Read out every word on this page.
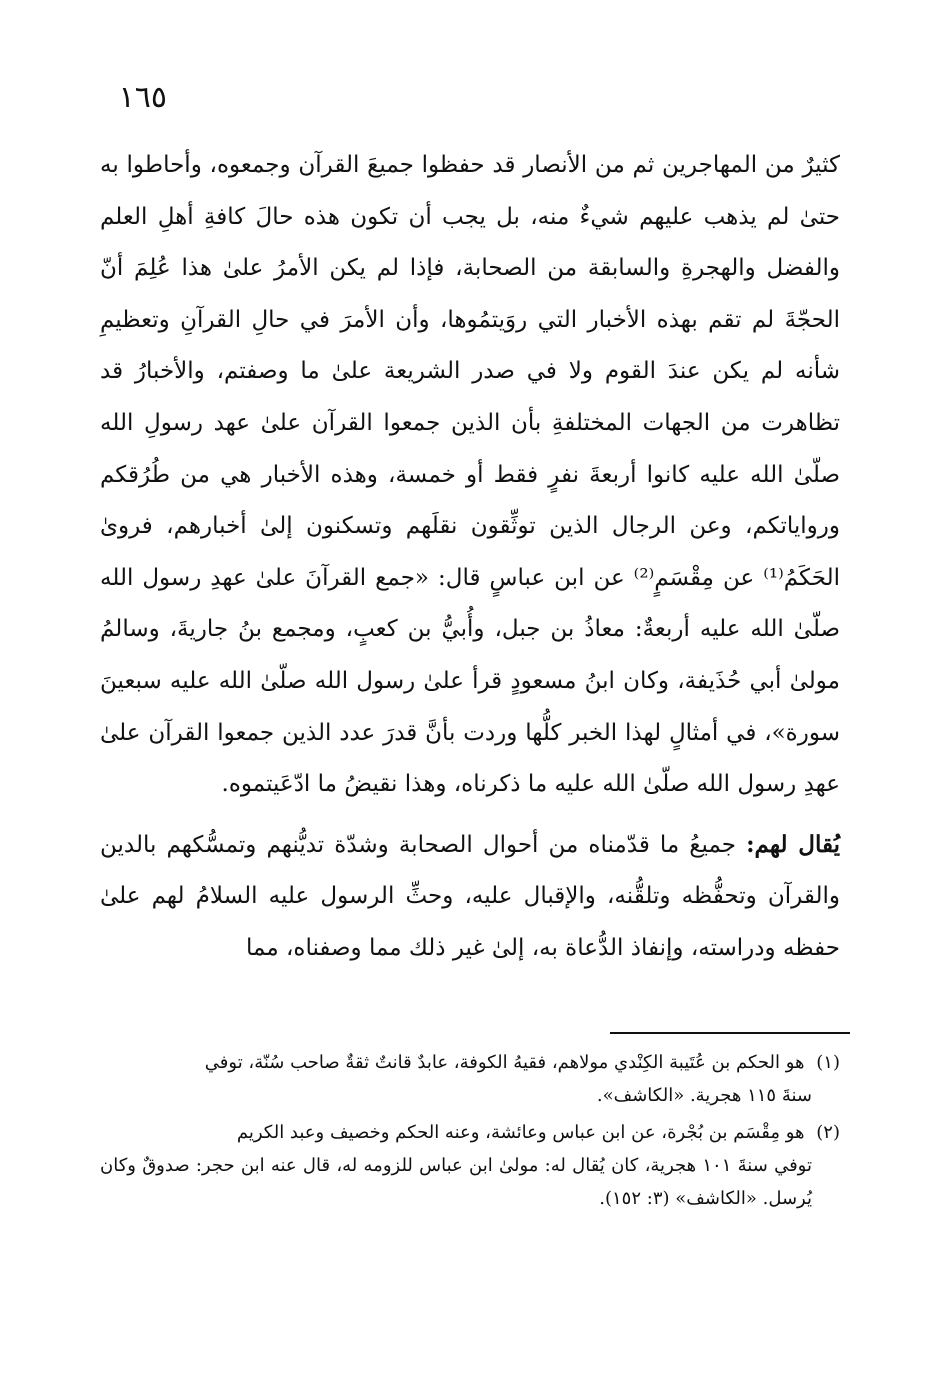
١٦٥

كثيرٌ من المهاجرين ثم من الأنصار قد حفظوا جميعَ القرآن وجمعوه، وأحاطوا به حتىٰ لم يذهب عليهم شيءٌ منه، بل يجب أن تكون هذه حالَ كافةِ أهلِ العلم والفضل والهجرةِ والسابقة من الصحابة، فإذا لم يكن الأمرُ علىٰ هذا عُلِمَ أنّ الحجّةَ لم تقم بهذه الأخبار التي روَيتمُوها، وأن الأمرَ في حالِ القرآنِ وتعظيمِ شأنه لم يكن عندَ القوم ولا في صدر الشريعة علىٰ ما وصفتم، والأخبارُ قد تظاهرت من الجهات المختلفةِ بأن الذين جمعوا القرآن علىٰ عهد رسولِ الله صلّىٰ الله عليه كانوا أربعةَ نفرٍ فقط أو خمسة، وهذه الأخبار هي من طُرُقكم ورواياتكم، وعن الرجال الذين توثِّقون نقلَهم وتسكنون إلىٰ أخبارهم، فروىٰ الحَكَمُ⁽¹⁾ عن مِقْسَمٍ⁽²⁾ عن ابن عباسٍ قال: «جمع القرآنَ علىٰ عهدِ رسول الله صلّىٰ الله عليه أربعةٌ: معاذُ بن جبل، وأُبيُّ بن كعبٍ، ومجمع بنُ جاريةَ، وسالمُ مولىٰ أبي حُذَيفة، وكان ابنُ مسعودٍ قرأ علىٰ رسول الله صلّىٰ الله عليه سبعينَ سورة»، في أمثالٍ لهذا الخبر كلُّها وردت بأنَّ قدرَ عدد الذين جمعوا القرآن علىٰ عهدِ رسول الله صلّىٰ الله عليه ما ذكرناه، وهذا نقيضُ ما ادّعَيتموه.

يُقال لهم: جميعُ ما قدّمناه من أحوال الصحابة وشدّة تديُّنهم وتمسُّكهم بالدين والقرآن وتحفُّظه وتلقُّنه، والإقبال عليه، وحثِّ الرسول عليه السلامُ لهم علىٰ حفظه ودراسته، وإنفاذ الدُّعاة به، إلىٰ غير ذلك مما وصفناه، مما

(١) هو الحكم بن عُتَيبة الكِنْدي مولاهم، فقيهُ الكوفة، عابدٌ قانتٌ ثقةٌ صاحب سُنّة، توفي
سنةَ ١١٥ هجرية. «الكاشف».

(٢) هو مِقْسَم بن بُجْرة، عن ابن عباس وعائشة، وعنه الحكم وخصيف وعبد الكريم
توفي سنةَ ١٠١ هجرية، كان يُقال له: مولىٰ ابن عباس للزومه له، قال عنه ابن حجر: صدوقٌ وكان يُرسل. «الكاشف» (٣: ١٥٢).
